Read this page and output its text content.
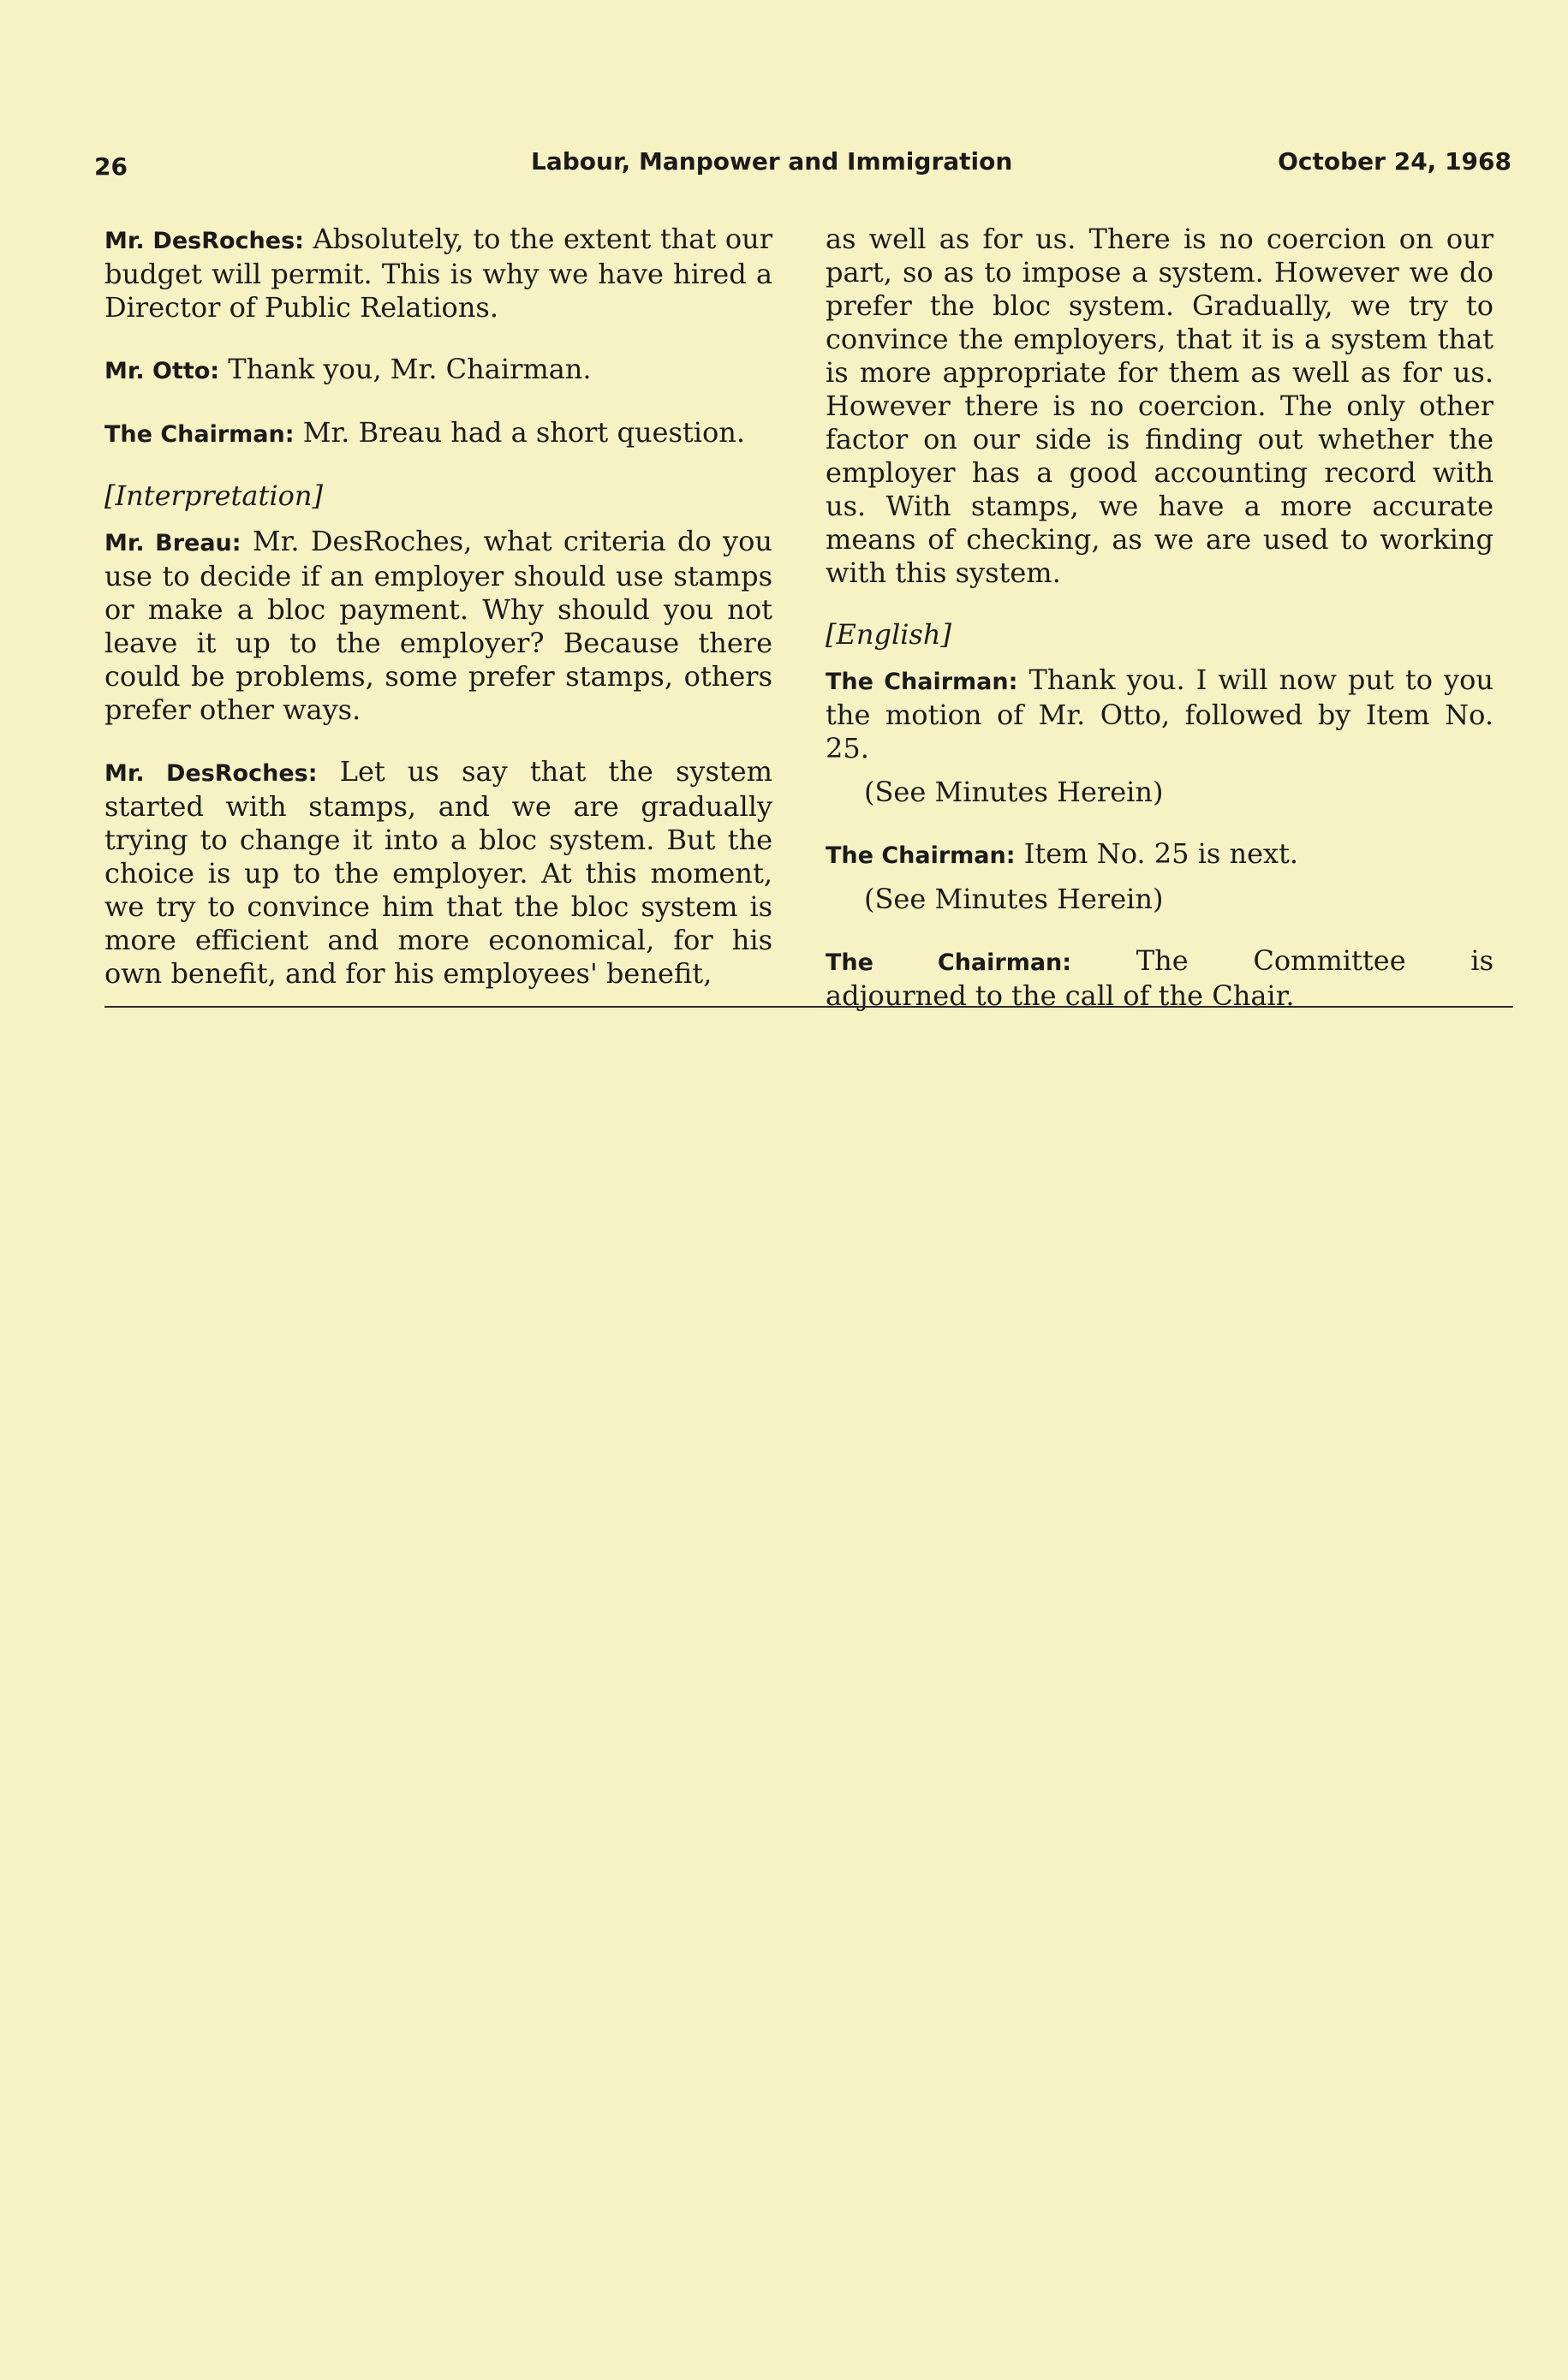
26	Labour, Manpower and Immigration	October 24, 1968

Mr. DesRoches: Absolutely, to the extent that our budget will permit. This is why we have hired a Director of Public Relations.

Mr. Otto: Thank you, Mr. Chairman.

The Chairman: Mr. Breau had a short question.

[Interpretation]

Mr. Breau: Mr. DesRoches, what criteria do you use to decide if an employer should use stamps or make a bloc payment. Why should you not leave it up to the employer? Because there could be problems, some prefer stamps, others prefer other ways.

Mr. DesRoches: Let us say that the system started with stamps, and we are gradually trying to change it into a bloc system. But the choice is up to the employer. At this moment, we try to convince him that the bloc system is more efficient and more economical, for his own benefit, and for his employees' benefit,

as well as for us. There is no coercion on our part, so as to impose a system. However we do prefer the bloc system. Gradually, we try to convince the employers, that it is a system that is more appropriate for them as well as for us. However there is no coercion. The only other factor on our side is finding out whether the employer has a good accounting record with us. With stamps, we have a more accurate means of checking, as we are used to working with this system.

[English]

The Chairman: Thank you. I will now put to you the motion of Mr. Otto, followed by Item No. 25.

(See Minutes Herein)

The Chairman: Item No. 25 is next.

(See Minutes Herein)

The Chairman: The Committee is

adjourned to the call of the Chair.
